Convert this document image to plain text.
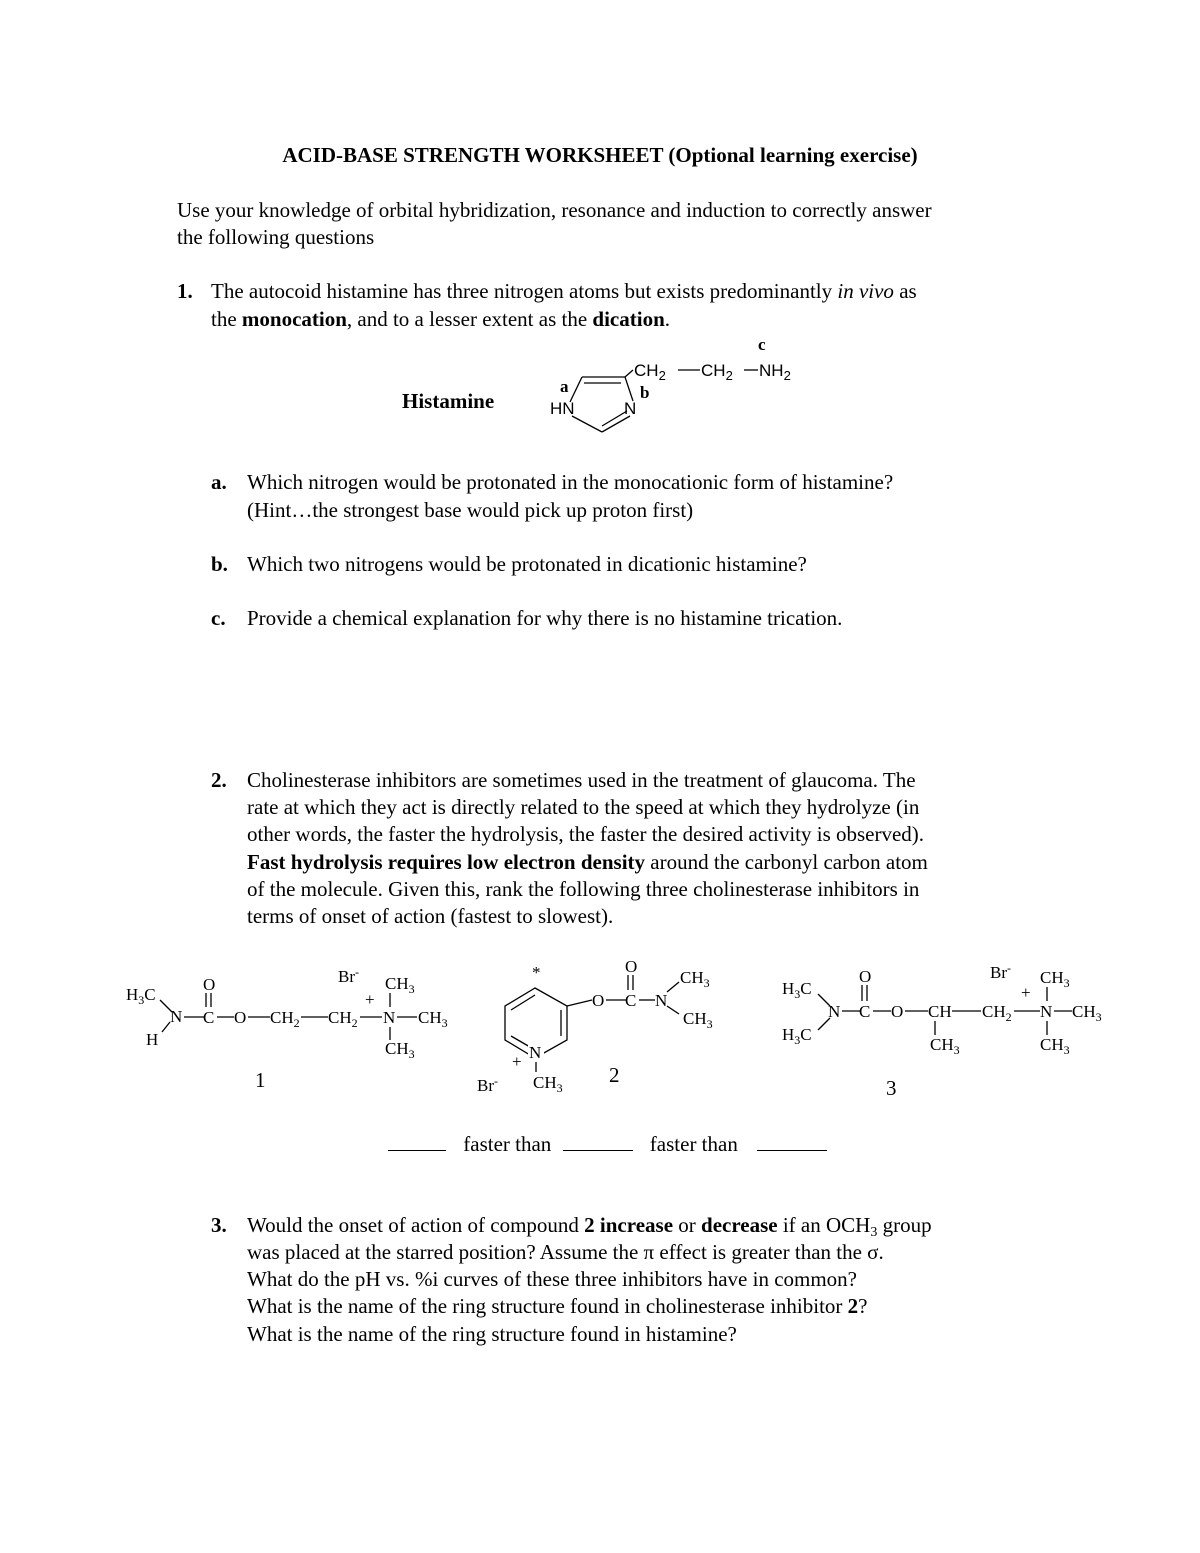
ACID-BASE STRENGTH WORKSHEET (Optional learning exercise)
Use your knowledge of orbital hybridization, resonance and induction to correctly answer
the following questions
1. The autocoid histamine has three nitrogen atoms but exists predominantly in vivo as
the monocation, and to a lesser extent as the dication.
Histamine
c
a	b
HN	N
$CH_2$ $CH_2$ $NH_2$
a. Which nitrogen would be protonated in the monocationic form of histamine?
(Hint…the strongest base would pick up proton first)
b. Which two nitrogens would be protonated in dicationic histamine?
c. Provide a chemical explanation for why there is no histamine trication.
2. Cholinesterase inhibitors are sometimes used in the treatment of glaucoma. The
rate at which they act is directly related to the speed at which they hydrolyze (in
other words, the faster the hydrolysis, the faster the desired activity is observed).
Fast hydrolysis requires low electron density around the carbonyl carbon atom
of the molecule. Given this, rank the following three cholinesterase inhibitors in
terms of onset of action (fastest to slowest).
$H_3C$
N
H
O
C O $CH_2$ $CH_2$
Br-
+
$CH_3$
N $CH_3$
$CH_3$
1
*
N
+
$CH_3$
Br-
O
O
C N
$CH_3$
$CH_3$
2
$H_3C$
$H_3C$
N
O
C O CH
$CH_3$
$CH_2$
Br-
+
$CH_3$
N $CH_3$
$CH_3$
3
faster than	faster than
3. Would the onset of action of compound 2 increase or decrease if an $OCH_3$ group
was placed at the starred position? Assume the π effect is greater than the σ.
What do the pH vs. %i curves of these three inhibitors have in common?
What is the name of the ring structure found in cholinesterase inhibitor 2?
What is the name of the ring structure found in histamine?
